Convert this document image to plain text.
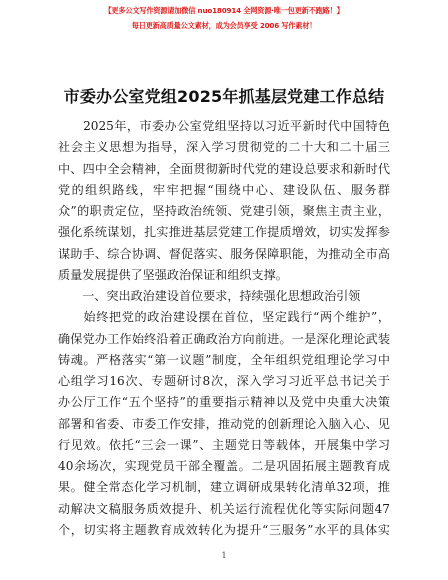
【更多公文写作资源请加微信 nuo180914 全网资源·唯一包更新不跑路！】
每日更新高质量公文素材，成为会员享受 2006 写作素材！
市委办公室党组2025年抓基层党建工作总结
　　2025年，市委办公室党组坚持以习近平新时代中国特色
社会主义思想为指导，深入学习贯彻党的二十大和二十届三
中、四中全会精神，全面贯彻新时代党的建设总要求和新时代
党的组织路线，牢牢把握“围绕中心、建设队伍、服务群
众”的职责定位，坚持政治统领、党建引领，聚焦主责主业，
强化系统谋划，扎实推进基层党建工作提质增效，切实发挥参
谋助手、综合协调、督促落实、服务保障职能，为推动全市高
质量发展提供了坚强政治保证和组织支撑。
　　一、突出政治建设首位要求，持续强化思想政治引领
　　始终把党的政治建设摆在首位，坚定践行“两个维护”，
确保党办工作始终沿着正确政治方向前进。一是深化理论武装
铸魂。严格落实“第一议题”制度，全年组织党组理论学习中
心组学习16次、专题研讨8次，深入学习习近平总书记关于
办公厅工作“五个坚持”的重要指示精神以及党中央重大决策
部署和省委、市委工作安排，推动党的创新理论入脑入心、见
行见效。依托“三会一课”、主题党日等载体，开展集中学习
40余场次，实现党员干部全覆盖。二是巩固拓展主题教育成
果。健全常态化学习机制，建立调研成果转化清单32项，推
动解决文稿服务质效提升、机关运行流程优化等实际问题47
个，切实将主题教育成效转化为提升“三服务”水平的具体实
1
